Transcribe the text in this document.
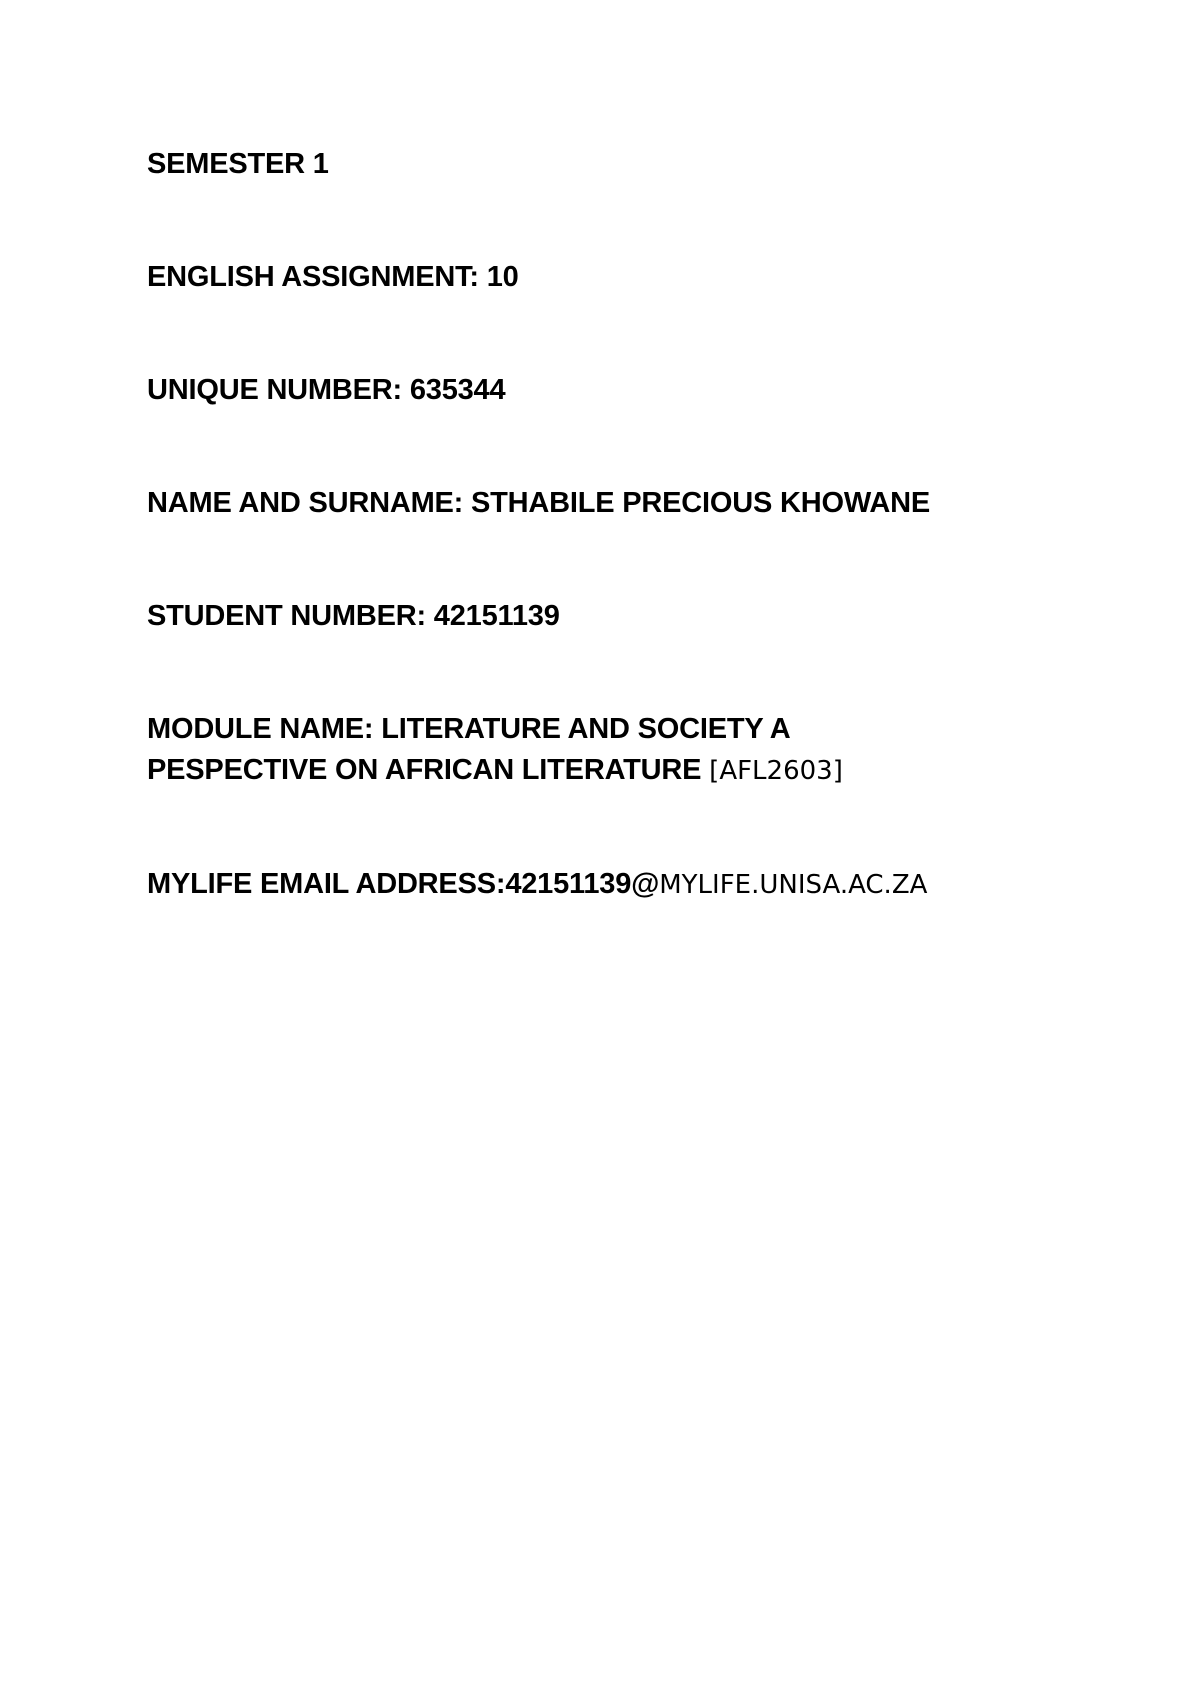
SEMESTER 1

ENGLISH ASSIGNMENT: 10

UNIQUE NUMBER: 635344

NAME AND SURNAME: STHABILE PRECIOUS KHOWANE

STUDENT NUMBER: 42151139

MODULE NAME: LITERATURE AND SOCIETY A
PESPECTIVE ON AFRICAN LITERATURE [AFL2603]

MYLIFE EMAIL ADDRESS:42151139@MYLIFE.UNISA.AC.ZA
